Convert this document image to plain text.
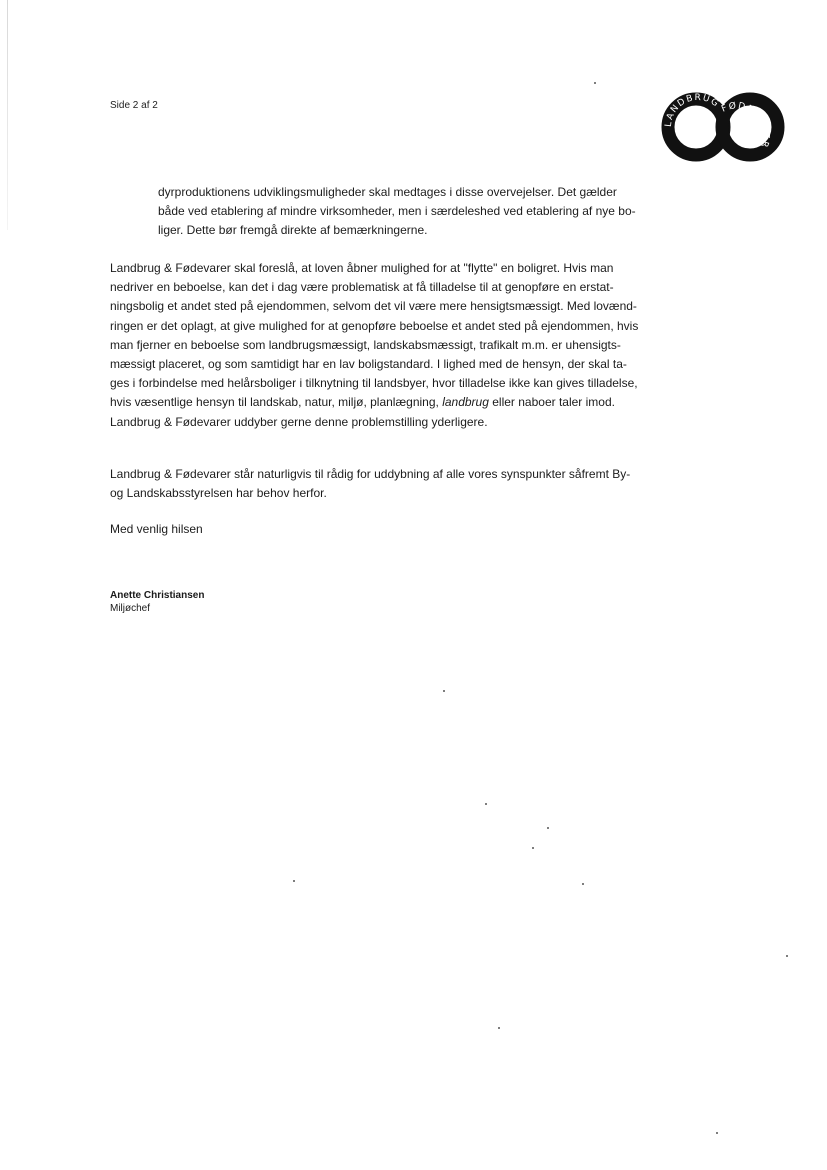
Side 2 af 2
LANDBRUG
FØDEVARER
dyrproduktionens udviklingsmuligheder skal medtages i disse overvejelser. Det gælder
både ved etablering af mindre virksomheder, men i særdeleshed ved etablering af nye bo-
liger. Dette bør fremgå direkte af bemærkningerne.
Landbrug & Fødevarer skal foreslå, at loven åbner mulighed for at "flytte" en boligret. Hvis man
nedriver en beboelse, kan det i dag være problematisk at få tilladelse til at genopføre en erstat-
ningsbolig et andet sted på ejendommen, selvom det vil være mere hensigtsmæssigt. Med lovænd-
ringen er det oplagt, at give mulighed for at genopføre beboelse et andet sted på ejendommen, hvis
man fjerner en beboelse som landbrugsmæssigt, landskabsmæssigt, trafikalt m.m. er uhensigts-
mæssigt placeret, og som samtidigt har en lav boligstandard. I lighed med de hensyn, der skal ta-
ges i forbindelse med helårsboliger i tilknytning til landsbyer, hvor tilladelse ikke kan gives tilladelse,
hvis væsentlige hensyn til landskab, natur, miljø, planlægning, landbrug eller naboer taler imod.
Landbrug & Fødevarer uddyber gerne denne problemstilling yderligere.
Landbrug & Fødevarer står naturligvis til rådig for uddybning af alle vores synspunkter såfremt By-
og Landskabsstyrelsen har behov herfor.
Med venlig hilsen
Anette Christiansen
Miljøchef
